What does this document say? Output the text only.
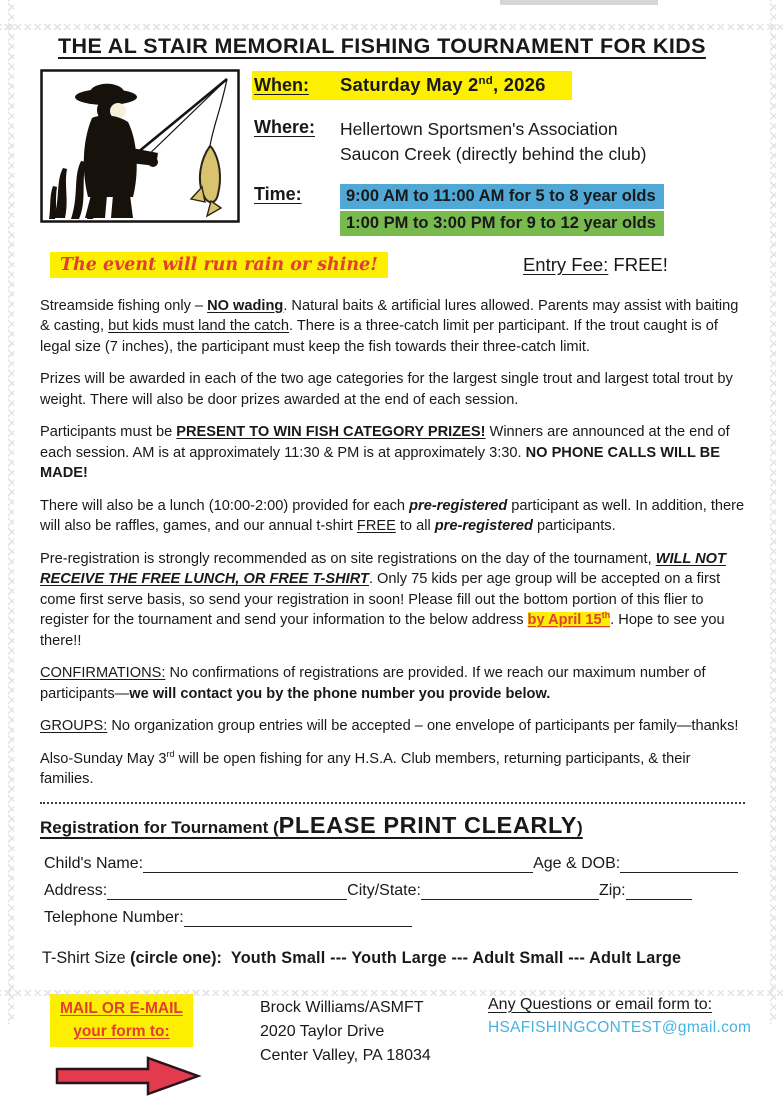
THE AL STAIR MEMORIAL FISHING TOURNAMENT FOR KIDS
When:	Saturday May 2nd, 2026
Where:	Hellertown Sportsmen's Association
Saucon Creek (directly behind the club)
Time:	9:00 AM to 11:00 AM for 5 to 8 year olds
1:00 PM to 3:00 PM for 9 to 12 year olds
The event will run rain or shine!	Entry Fee: FREE!

Streamside fishing only – NO wading. Natural baits & artificial lures allowed. Parents may assist with baiting & casting, but kids must land the catch. There is a three-catch limit per participant. If the trout caught is of legal size (7 inches), the participant must keep the fish towards their three-catch limit.

Prizes will be awarded in each of the two age categories for the largest single trout and largest total trout by weight. There will also be door prizes awarded at the end of each session.

Participants must be PRESENT TO WIN FISH CATEGORY PRIZES! Winners are announced at the end of each session. AM is at approximately 11:30 & PM is at approximately 3:30. NO PHONE CALLS WILL BE MADE!

There will also be a lunch (10:00-2:00) provided for each pre-registered participant as well. In addition, there will also be raffles, games, and our annual t-shirt FREE to all pre-registered participants.

Pre-registration is strongly recommended as on site registrations on the day of the tournament, WILL NOT RECEIVE THE FREE LUNCH, OR FREE T-SHIRT. Only 75 kids per age group will be accepted on a first come first serve basis, so send your registration in soon! Please fill out the bottom portion of this flier to register for the tournament and send your information to the below address by April 15th. Hope to see you there!!

CONFIRMATIONS: No confirmations of registrations are provided. If we reach our maximum number of participants—we will contact you by the phone number you provide below.

GROUPS: No organization group entries will be accepted – one envelope of participants per family—thanks!

Also-Sunday May 3rd will be open fishing for any H.S.A. Club members, returning participants, & their families.

Registration for Tournament (PLEASE PRINT CLEARLY)
Child's Name:	Age & DOB:
Address:	City/State:	Zip:
Telephone Number:
T-Shirt Size (circle one): Youth Small --- Youth Large --- Adult Small --- Adult Large
MAIL OR E-MAIL
your form to:
Brock Williams/ASMFT
2020 Taylor Drive
Center Valley, PA 18034
Any Questions or email form to:
HSAFISHINGCONTEST@gmail.com
